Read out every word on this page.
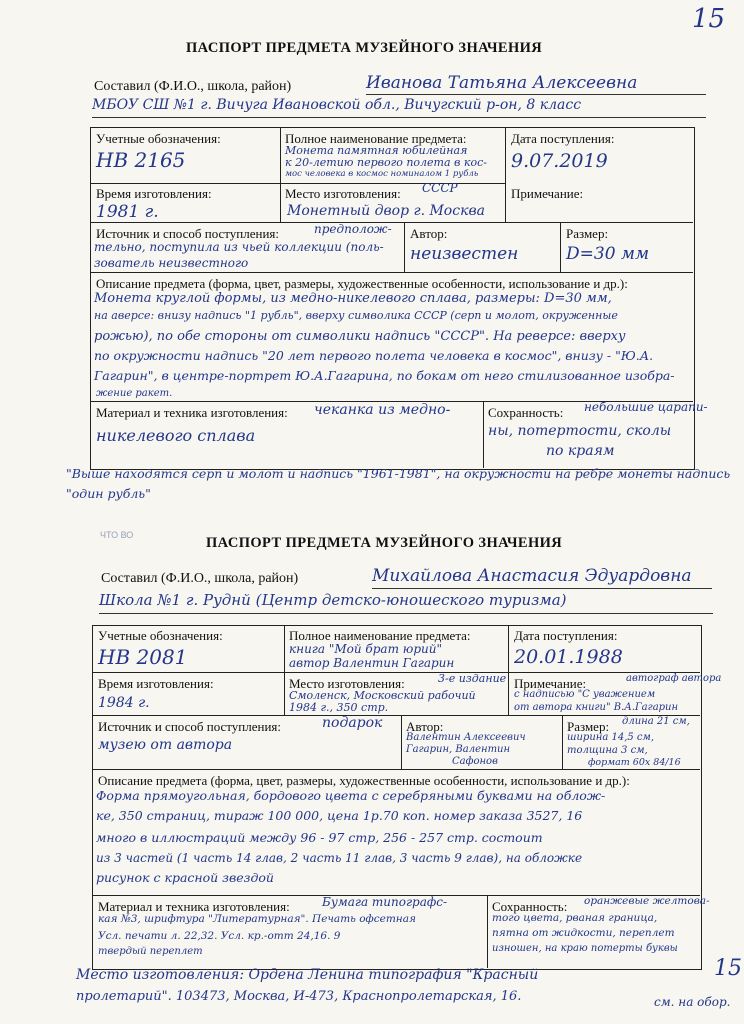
15
ПАСПОРТ ПРЕДМЕТА МУЗЕЙНОГО ЗНАЧЕНИЯ
Составил (Ф.И.О., школа, район)	Иванова Татьяна Алексеевна
МБОУ СШ №1 г. Вичуга Ивановской обл., Вичугский р-он, 8 класс
Учетные обозначения:
НВ 2165
Полное наименование предмета:
Монета памятная юбилейная
к 20-летию первого полета в кос-
мос человека в космос номиналом 1 рубль
Дата поступления:
9.07.2019
Время изготовления:
1981 г.
Место изготовления: СССР
Монетный двор г. Москва
Примечание:
Источник и способ поступления:	предполож-
тельно, поступила из чьей коллекции (поль-
зователь неизвестного
Автор:
неизвестен
Размер:
D=30 мм
Описание предмета (форма, цвет, размеры, художественные особенности, использование и др.):
Монета круглой формы, из медно-никелевого сплава, размеры: D=30 мм,
на аверсе: внизу надпись "1 рубль", вверху символика СССР (серп и молот, окруженные
рожью), по обе стороны от символики надпись "СССР". На реверсе: вверху
по окружности надпись "20 лет первого полета человека в космос", внизу - "Ю.А.
Гагарин", в центре-портрет Ю.А.Гагарина, по бокам от него стилизованное изобра-
жение ракет.
Материал и техника изготовления: чеканка из медно-
никелевого сплава
Сохранность: небольшие царапи-
ны, потертости, сколы
по краям
"Выше находятся серп и молот и надпись "1961-1981", на окружности на ребре монеты надпись
"один рубль"
ЧТО ВО	ПАСПОРТ ПРЕДМЕТА МУЗЕЙНОГО ЗНАЧЕНИЯ
Составил (Ф.И.О., школа, район)	Михайлова Анастасия Эдуардовна
Школа №1 г. Руднй (Центр детско-юношеского туризма)
Учетные обозначения:
НВ 2081
Полное наименование предмета:
книга "Мой брат юрий"
автор Валентин Гагарин
Дата поступления:
20.01.1988
Время изготовления:
1984 г.
Место изготовления:	3-е издание
Смоленск, Московский рабочий
1984 г., 350 стр.
Примечание:	автограф автора
с надписью "С уважением
от автора книги" В.А.Гагарин
Источник и способ поступления:	подарок
музею от автора
Автор:
Валентин Алексеевич
Гагарин, Валентин
Сафонов
Размер: длина 21 см,
ширина 14,5 см,
толщина 3 см,
формат 60x 84/16
Описание предмета (форма, цвет, размеры, художественные особенности, использование и др.):
Форма прямоугольная, бордового цвета с серебряными буквами на облож-
ке, 350 страниц, тираж 100 000, цена 1р.70 коп. номер заказа 3527, 16
много в иллюстраций между 96 - 97 стр, 256 - 257 стр. состоит
из 3 частей (1 часть 14 глав, 2 часть 11 глав, 3 часть 9 глав), на обложке
рисунок с красной звездой
Материал и техника изготовления:	Бумага типографс-
кая №3, шрифтура "Литературная". Печать офсетная
Усл. печати л. 22,32. Усл. кр.-отт 24,16. 9
твердый переплет
Сохранность: оранжевые желтова-
того цвета, рваная граница,
пятна от жидкости, переплет
изношен, на краю потерты буквы
Место изготовления: Ордена Ленина типография "Красный
пролетарий". 103473, Москва, И-473, Краснопролетарская, 16.
15
см. на обор.
